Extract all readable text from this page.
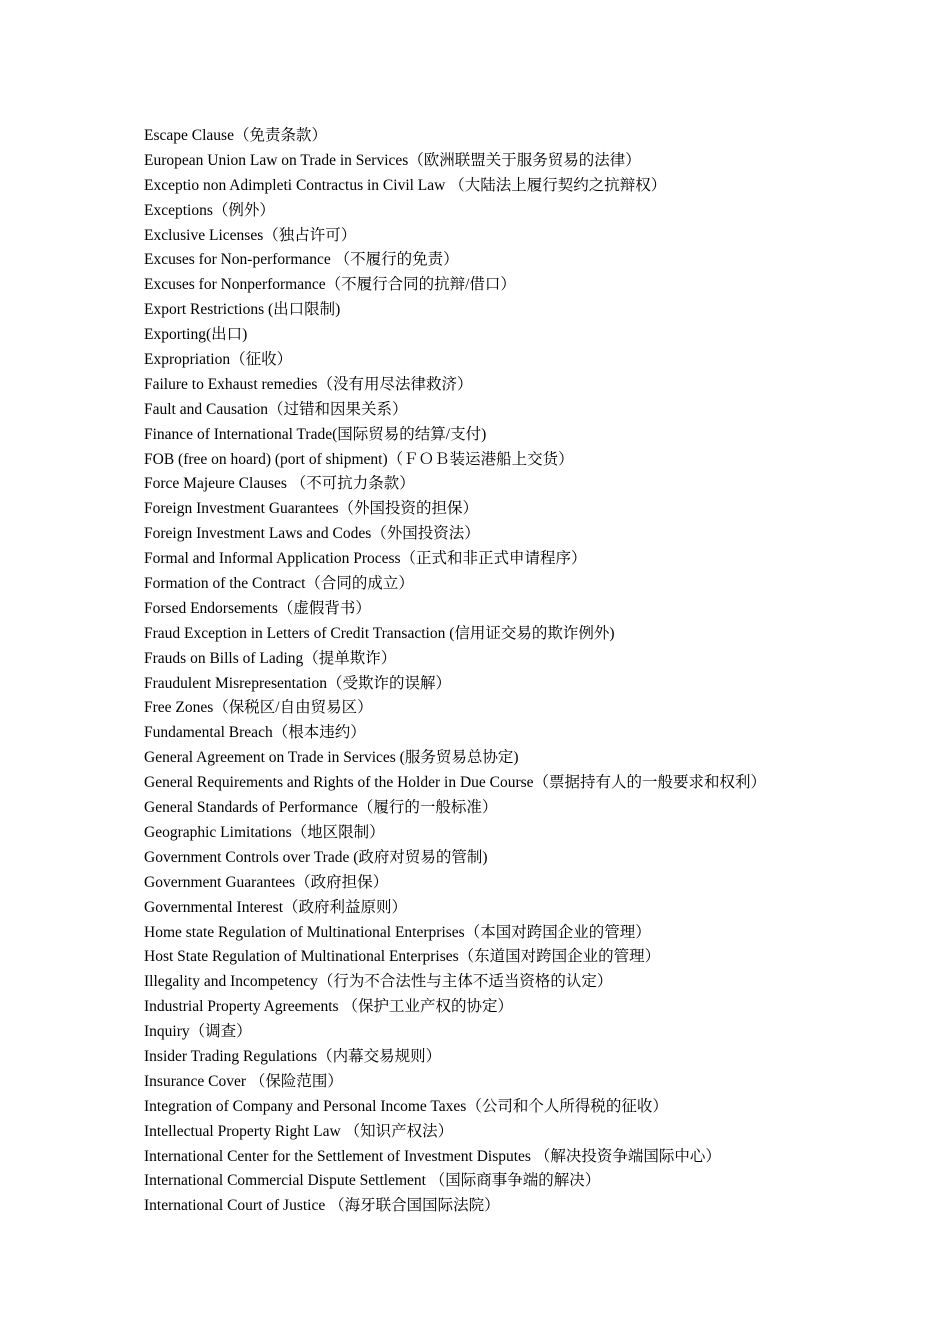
Escape Clause（免责条款）
European Union Law on Trade in Services（欧洲联盟关于服务贸易的法律）
Exceptio non Adimpleti Contractus in Civil Law （大陆法上履行契约之抗辩权）
Exceptions（例外）
Exclusive Licenses（独占许可）
Excuses for Non-performance （不履行的免责）
Excuses for Nonperformance（不履行合同的抗辩/借口）
Export Restrictions (出口限制)
Exporting(出口)
Expropriation（征收）
Failure to Exhaust remedies（没有用尽法律救济）
Fault and Causation（过错和因果关系）
Finance of International Trade(国际贸易的结算/支付)
FOB (free on hoard) (port of shipment)（ＦＯＢ装运港船上交货）
Force Majeure Clauses （不可抗力条款）
Foreign Investment Guarantees（外国投资的担保）
Foreign Investment Laws and Codes（外国投资法）
Formal and Informal Application Process（正式和非正式申请程序）
Formation of the Contract（合同的成立）
Forsed Endorsements（虚假背书）
Fraud Exception in Letters of Credit Transaction (信用证交易的欺诈例外)
Frauds on Bills of Lading（提单欺诈）
Fraudulent Misrepresentation（受欺诈的误解）
Free Zones（保税区/自由贸易区）
Fundamental Breach（根本违约）
General Agreement on Trade in Services (服务贸易总协定)
General Requirements and Rights of the Holder in Due Course（票据持有人的一般要求和权利）
General Standards of Performance（履行的一般标准）
Geographic Limitations（地区限制）
Government Controls over Trade (政府对贸易的管制)
Government Guarantees（政府担保）
Governmental Interest（政府利益原则）
Home state Regulation of Multinational Enterprises（本国对跨国企业的管理）
Host State Regulation of Multinational Enterprises（东道国对跨国企业的管理）
Illegality and Incompetency（行为不合法性与主体不适当资格的认定）
Industrial Property Agreements （保护工业产权的协定）
Inquiry（调查）
Insider Trading Regulations（内幕交易规则）
Insurance Cover （保险范围）
Integration of Company and Personal Income Taxes（公司和个人所得税的征收）
Intellectual Property Right Law （知识产权法）
International Center for the Settlement of Investment Disputes （解决投资争端国际中心）
International Commercial Dispute Settlement （国际商事争端的解决）
International Court of Justice （海牙联合国国际法院）
